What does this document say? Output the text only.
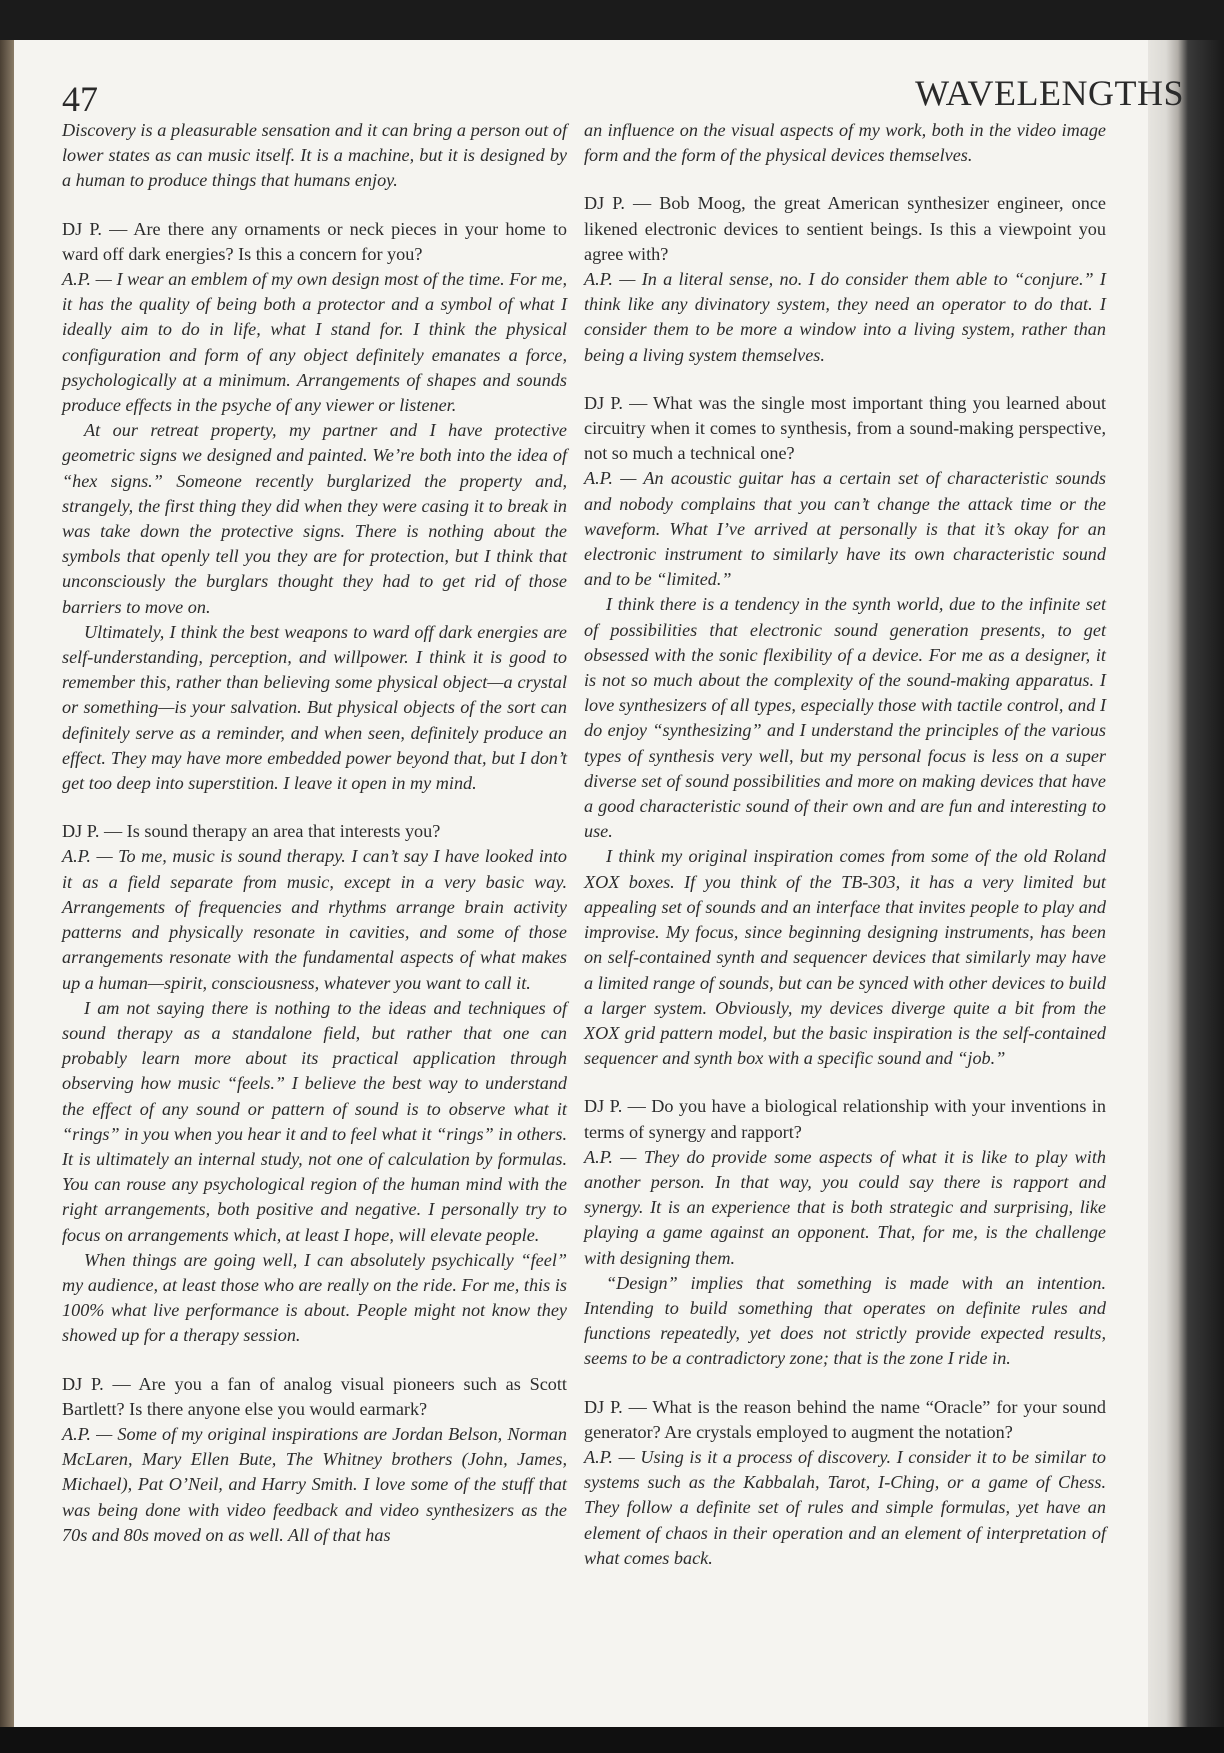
47	WAVELENGTHS
Discovery is a pleasurable sensation and it can bring a person out of lower states as can music itself. It is a machine, but it is designed by a human to produce things that humans enjoy.
DJ P. — Are there any ornaments or neck pieces in your home to ward off dark energies? Is this a concern for you?
A.P. — I wear an emblem of my own design most of the time. For me, it has the quality of being both a protector and a symbol of what I ideally aim to do in life, what I stand for. I think the physical configuration and form of any object definitely emanates a force, psychologically at a minimum. Arrangements of shapes and sounds produce effects in the psyche of any viewer or listener.
At our retreat property, my partner and I have protective geometric signs we designed and painted. We’re both into the idea of “hex signs.” Someone recently burglarized the property and, strangely, the first thing they did when they were casing it to break in was take down the protective signs. There is nothing about the symbols that openly tell you they are for protection, but I think that unconsciously the burglars thought they had to get rid of those barriers to move on.
Ultimately, I think the best weapons to ward off dark energies are self-understanding, perception, and willpower. I think it is good to remember this, rather than believing some physical object—a crystal or something—is your salvation. But physical objects of the sort can definitely serve as a reminder, and when seen, definitely produce an effect. They may have more embedded power beyond that, but I don’t get too deep into superstition. I leave it open in my mind.
DJ P. — Is sound therapy an area that interests you?
A.P. — To me, music is sound therapy. I can’t say I have looked into it as a field separate from music, except in a very basic way. Arrangements of frequencies and rhythms arrange brain activity patterns and physically resonate in cavities, and some of those arrangements resonate with the fundamental aspects of what makes up a human—spirit, consciousness, whatever you want to call it.
I am not saying there is nothing to the ideas and techniques of sound therapy as a standalone field, but rather that one can probably learn more about its practical application through observing how music “feels.” I believe the best way to understand the effect of any sound or pattern of sound is to observe what it “rings” in you when you hear it and to feel what it “rings” in others. It is ultimately an internal study, not one of calculation by formulas. You can rouse any psychological region of the human mind with the right arrangements, both positive and negative. I personally try to focus on arrangements which, at least I hope, will elevate people.
When things are going well, I can absolutely psychically “feel” my audience, at least those who are really on the ride. For me, this is 100% what live performance is about. People might not know they showed up for a therapy session.
DJ P. — Are you a fan of analog visual pioneers such as Scott Bartlett? Is there anyone else you would earmark?
A.P. — Some of my original inspirations are Jordan Belson, Norman McLaren, Mary Ellen Bute, The Whitney brothers (John, James, Michael), Pat O’Neil, and Harry Smith. I love some of the stuff that was being done with video feedback and video synthesizers as the 70s and 80s moved on as well. All of that has
an influence on the visual aspects of my work, both in the video image form and the form of the physical devices themselves.
DJ P. — Bob Moog, the great American synthesizer engineer, once likened electronic devices to sentient beings. Is this a viewpoint you agree with?
A.P. — In a literal sense, no. I do consider them able to “conjure.” I think like any divinatory system, they need an operator to do that. I consider them to be more a window into a living system, rather than being a living system themselves.
DJ P. — What was the single most important thing you learned about circuitry when it comes to synthesis, from a sound-making perspective, not so much a technical one?
A.P. — An acoustic guitar has a certain set of characteristic sounds and nobody complains that you can’t change the attack time or the waveform. What I’ve arrived at personally is that it’s okay for an electronic instrument to similarly have its own characteristic sound and to be “limited.”
I think there is a tendency in the synth world, due to the infinite set of possibilities that electronic sound generation presents, to get obsessed with the sonic flexibility of a device. For me as a designer, it is not so much about the complexity of the sound-making apparatus. I love synthesizers of all types, especially those with tactile control, and I do enjoy “synthesizing” and I understand the principles of the various types of synthesis very well, but my personal focus is less on a super diverse set of sound possibilities and more on making devices that have a good characteristic sound of their own and are fun and interesting to use.
I think my original inspiration comes from some of the old Roland XOX boxes. If you think of the TB-303, it has a very limited but appealing set of sounds and an interface that invites people to play and improvise. My focus, since beginning designing instruments, has been on self-contained synth and sequencer devices that similarly may have a limited range of sounds, but can be synced with other devices to build a larger system. Obviously, my devices diverge quite a bit from the XOX grid pattern model, but the basic inspiration is the self-contained sequencer and synth box with a specific sound and “job.”
DJ P. — Do you have a biological relationship with your inventions in terms of synergy and rapport?
A.P. — They do provide some aspects of what it is like to play with another person. In that way, you could say there is rapport and synergy. It is an experience that is both strategic and surprising, like playing a game against an opponent. That, for me, is the challenge with designing them.
“Design” implies that something is made with an intention. Intending to build something that operates on definite rules and functions repeatedly, yet does not strictly provide expected results, seems to be a contradictory zone; that is the zone I ride in.
DJ P. — What is the reason behind the name “Oracle” for your sound generator? Are crystals employed to augment the notation?
A.P. — Using is it a process of discovery. I consider it to be similar to systems such as the Kabbalah, Tarot, I-Ching, or a game of Chess. They follow a definite set of rules and simple formulas, yet have an element of chaos in their operation and an element of interpretation of what comes back.
